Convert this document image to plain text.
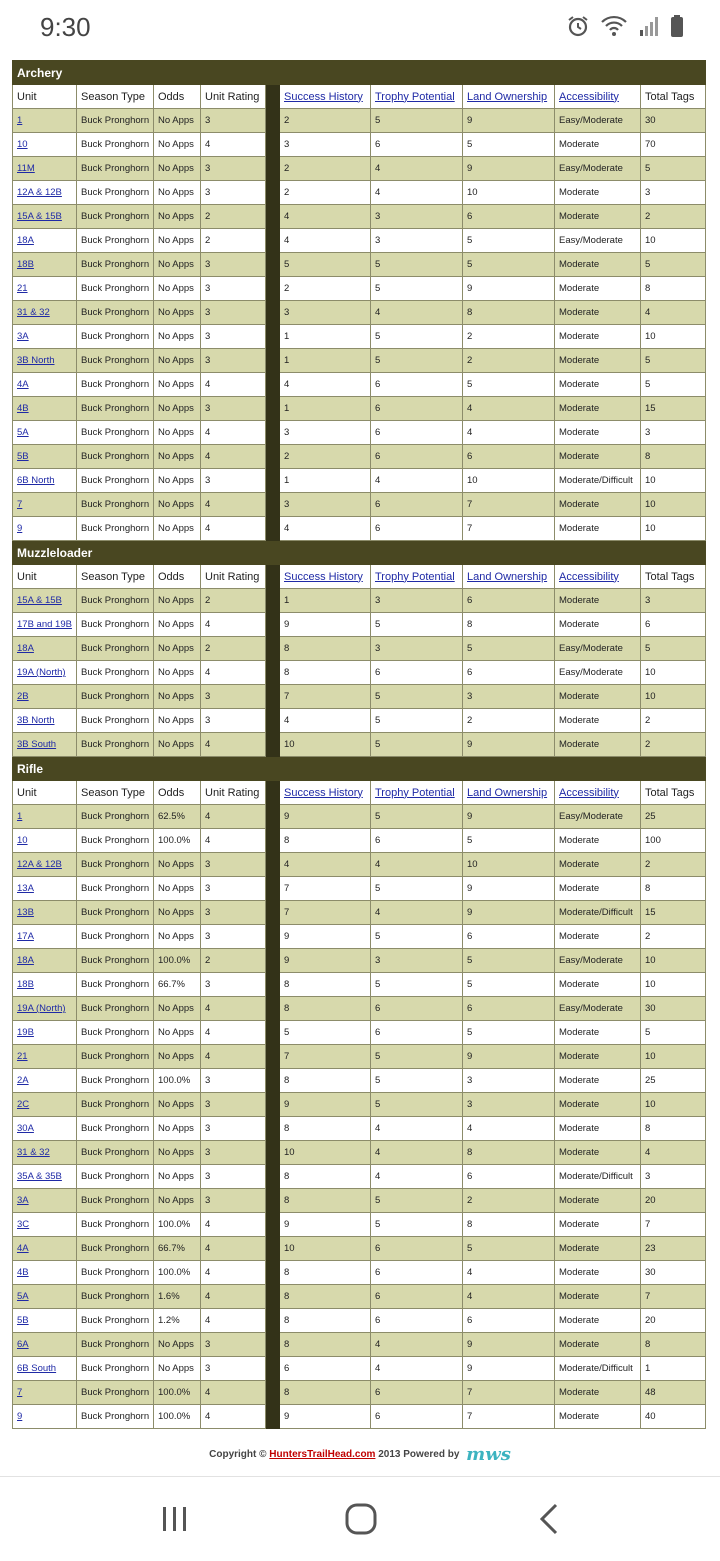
9:30
Archery									
Unit	Season Type	Odds	Unit Rating		Success History	Trophy Potential	Land Ownership	Accessibility	Total Tags
1	Buck Pronghorn	No Apps	3		2	5	9	Easy/Moderate	30
10	Buck Pronghorn	No Apps	4		3	6	5	Moderate	70
11M	Buck Pronghorn	No Apps	3		2	4	9	Easy/Moderate	5
12A & 12B	Buck Pronghorn	No Apps	3		2	4	10	Moderate	3
15A & 15B	Buck Pronghorn	No Apps	2		4	3	6	Moderate	2
18A	Buck Pronghorn	No Apps	2		4	3	5	Easy/Moderate	10
18B	Buck Pronghorn	No Apps	3		5	5	5	Moderate	5
21	Buck Pronghorn	No Apps	3		2	5	9	Moderate	8
31 & 32	Buck Pronghorn	No Apps	3		3	4	8	Moderate	4
3A	Buck Pronghorn	No Apps	3		1	5	2	Moderate	10
3B North	Buck Pronghorn	No Apps	3		1	5	2	Moderate	5
4A	Buck Pronghorn	No Apps	4		4	6	5	Moderate	5
4B	Buck Pronghorn	No Apps	3		1	6	4	Moderate	15
5A	Buck Pronghorn	No Apps	4		3	6	4	Moderate	3
5B	Buck Pronghorn	No Apps	4		2	6	6	Moderate	8
6B North	Buck Pronghorn	No Apps	3		1	4	10	Moderate/Difficult	10
7	Buck Pronghorn	No Apps	4		3	6	7	Moderate	10
9	Buck Pronghorn	No Apps	4		4	6	7	Moderate	10
Muzzleloader									
Unit	Season Type	Odds	Unit Rating		Success History	Trophy Potential	Land Ownership	Accessibility	Total Tags
15A & 15B	Buck Pronghorn	No Apps	2		1	3	6	Moderate	3
17B and 19B	Buck Pronghorn	No Apps	4		9	5	8	Moderate	6
18A	Buck Pronghorn	No Apps	2		8	3	5	Easy/Moderate	5
19A (North)	Buck Pronghorn	No Apps	4		8	6	6	Easy/Moderate	10
2B	Buck Pronghorn	No Apps	3		7	5	3	Moderate	10
3B North	Buck Pronghorn	No Apps	3		4	5	2	Moderate	2
3B South	Buck Pronghorn	No Apps	4		10	5	9	Moderate	2
Rifle									
Unit	Season Type	Odds	Unit Rating		Success History	Trophy Potential	Land Ownership	Accessibility	Total Tags
1	Buck Pronghorn	62.5%	4		9	5	9	Easy/Moderate	25
10	Buck Pronghorn	100.0%	4		8	6	5	Moderate	100
12A & 12B	Buck Pronghorn	No Apps	3		4	4	10	Moderate	2
13A	Buck Pronghorn	No Apps	3		7	5	9	Moderate	8
13B	Buck Pronghorn	No Apps	3		7	4	9	Moderate/Difficult	15
17A	Buck Pronghorn	No Apps	3		9	5	6	Moderate	2
18A	Buck Pronghorn	100.0%	2		9	3	5	Easy/Moderate	10
18B	Buck Pronghorn	66.7%	3		8	5	5	Moderate	10
19A (North)	Buck Pronghorn	No Apps	4		8	6	6	Easy/Moderate	30
19B	Buck Pronghorn	No Apps	4		5	6	5	Moderate	5
21	Buck Pronghorn	No Apps	4		7	5	9	Moderate	10
2A	Buck Pronghorn	100.0%	3		8	5	3	Moderate	25
2C	Buck Pronghorn	No Apps	3		9	5	3	Moderate	10
30A	Buck Pronghorn	No Apps	3		8	4	4	Moderate	8
31 & 32	Buck Pronghorn	No Apps	3		10	4	8	Moderate	4
35A & 35B	Buck Pronghorn	No Apps	3		8	4	6	Moderate/Difficult	3
3A	Buck Pronghorn	No Apps	3		8	5	2	Moderate	20
3C	Buck Pronghorn	100.0%	4		9	5	8	Moderate	7
4A	Buck Pronghorn	66.7%	4		10	6	5	Moderate	23
4B	Buck Pronghorn	100.0%	4		8	6	4	Moderate	30
5A	Buck Pronghorn	1.6%	4		8	6	4	Moderate	7
5B	Buck Pronghorn	1.2%	4		8	6	6	Moderate	20
6A	Buck Pronghorn	No Apps	3		8	4	9	Moderate	8
6B South	Buck Pronghorn	No Apps	3		6	4	9	Moderate/Difficult	1
7	Buck Pronghorn	100.0%	4		8	6	7	Moderate	48
9	Buck Pronghorn	100.0%	4		9	6	7	Moderate	40
Copyright © HuntersTrailHead.com 2013 Powered by mws
